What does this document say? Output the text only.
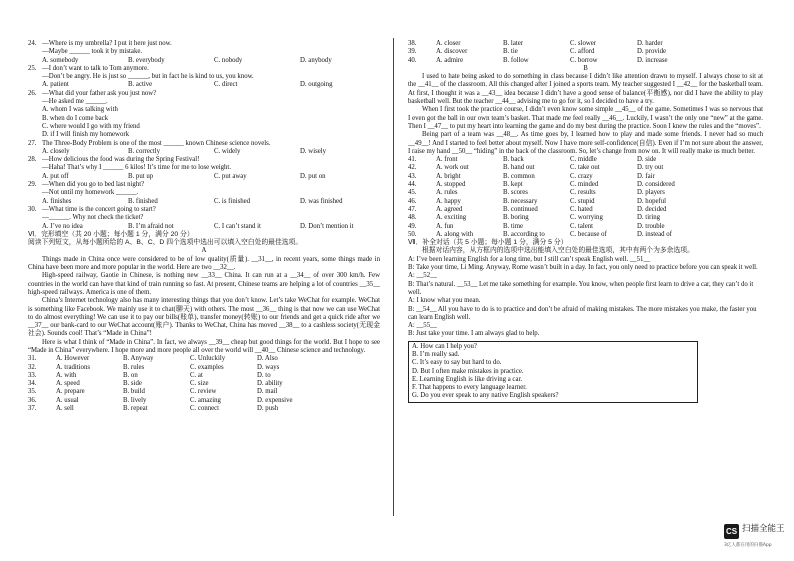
24. —Where is my umbrella? I put it here just now.
—Maybe ______ took it by mistake.
A. somebody	B. everybody	C. nobody	D. anybody
25. —I don’t want to talk to Tom anymore.
—Don’t be angry. He is just so ______, but in fact he is kind to us, you know.
A. patient	B. active	C. direct	D. outgoing
26. —What did your father ask you just now?
—He asked me ______.
A. whom I was talking with
B. when do I come back
C. where would I go with my friend
D. if I will finish my homework
27. The Three-Body Problem is one of the most ______ known Chinese science novels.
A. closely	B. correctly	C. widely	D. wisely
28. —How delicious the food was during the Spring Festival!
—Haha! That’s why I ______ 6 kilos! It’s time for me to lose weight.
A. put off	B. put up	C. put away	D. put on
29. —When did you go to bed last night?
—Not until my homework ______.
A. finishes	B. finished	C. is finished	D. was finished
30. —What time is the concert going to start?
—______. Why not check the ticket?
A. I’ve no idea	B. I’m afraid not	C. I can’t stand it	D. Don’t mention it
Ⅵ．完形填空（共 20 小题；每小题 1 分，满分 20 分）
阅读下列短文，从每小题所给的 A、B、C、D 四个选项中选出可以填入空白处的最佳选项。
A

Things made in China once were considered to be of low quality(质量). __31__, in recent years, some things made in China have been more and more popular in the world. Here are two __32__.

High-speed railway, Gaotie in Chinese, is nothing new __33__ China. It can run at a __34__ of over 300 km/h. Few countries in the world can have that kind of train running so fast. At present, Chinese teams are helping a lot of countries __35__ high-speed railways. America is one of them.

China’s Internet technology also has many interesting things that you don’t know. Let’s take WeChat for example. WeChat is something like Facebook. We mainly use it to chat(聊天) with others. The most __36__ thing is that now we can use WeChat to do almost everything! We can use it to pay our bills(账单), transfer money(转账) to our friends and get a quick ride after we __37__ our bank-card to our WeChat account(账户). Thanks to WeChat, China has moved __38__ to a cashless society(无现金社会). Sounds cool! That’s “Made in China”!

Here is what I think of “Made in China”. In fact, we always __39__ cheap but good things for the world. But I hope to see “Made in China” everywhere. I hope more and more people all over the world will __40__ Chinese science and technology.

31.	A. However	B. Anyway	C. Unluckily	D. Also
32.	A. traditions	B. rules	C. examples	D. ways
33.	A. with	B. on	C. at	D. to
34.	A. speed	B. side	C. size	D. ability
35.	A. prepare	B. build	C. review	D. mail
36.	A. usual	B. lively	C. amazing	D. expensive
37.	A. sell	B. repeat	C. connect	D. push
38.	A. closer	B. later	C. slower	D. harder
39.	A. discover	B. tie	C. afford	D. provide
40.	A. admire	B. follow	C. borrow	D. increase
B

I used to hate being asked to do something in class because I didn’t like attention drawn to myself. I always chose to sit at the __41__ of the classroom. All this changed after I joined a sports team. My teacher suggested I __42__ for the basketball team. At first, I thought it was a __43__ idea because I didn’t have a good sense of balance(平衡感), nor did I have the ability to play basketball well. But the teacher __44__ advising me to go for it, so I decided to have a try.

When I first took the practice course, I didn’t even know some simple __45__ of the game. Sometimes I was so nervous that I even got the ball in our own team’s basket. That made me feel really __46__. Luckily, I wasn’t the only one “new” at the game. Then I __47__ to put my heart into learning the game and do my best during the practice. Soon I knew the rules and the “moves”.

Being part of a team was __48__. As time goes by, I learned how to play and made some friends. I never had so much __49__! And I started to feel better about myself. Now I have more self-confidence(自信). Even if I’m not sure about the answer, I raise my hand __50__ “hiding” in the back of the classroom. So, let’s change from now on. It will really make us much better.

41.	A. front	B. back	C. middle	D. side
42.	A. work out	B. hand out	C. take out	D. try out
43.	A. bright	B. common	C. crazy	D. fair
44.	A. stopped	B. kept	C. minded	D. considered
45.	A. rules	B. scores	C. results	D. players
46.	A. happy	B. necessary	C. stupid	D. hopeful
47.	A. agreed	B. continued	C. hated	D. decided
48.	A. exciting	B. boring	C. worrying	D. tiring
49.	A. fun	B. time	C. talent	D. trouble
50.	A. along with	B. according to	C. because of	D. instead of
Ⅶ．补全对话（共 5 小题；每小题 1 分，满分 5 分）
根据对话内容，从方框内的选项中选出能填入空白处的最佳选项，其中有两个为多余选项。

A: I’ve been learning English for a long time, but I still can’t speak English well. __51__

B: Take your time, Li Ming. Anyway, Rome wasn’t built in a day. In fact, you only need to practice before you can speak it well.

A: __52__

B: That’s natural. __53__ Let me take something for example. You know, when people first learn to drive a car, they can’t do it well.

A: I know what you mean.

B: __54__ All you have to do is to practice and don’t be afraid of making mistakes. The more mistakes you make, the faster you can learn English well.

A: __55__

B: Just take your time. I am always glad to help.

A. How can I help you?
B. I’m really sad.
C. It’s easy to say but hard to do.
D. But I often make mistakes in practice.
E. Learning English is like driving a car.
F. That happens to every language learner.
G. Do you ever speak to any native English speakers?
CS 扫描全能王
3亿人都在用的扫描App
